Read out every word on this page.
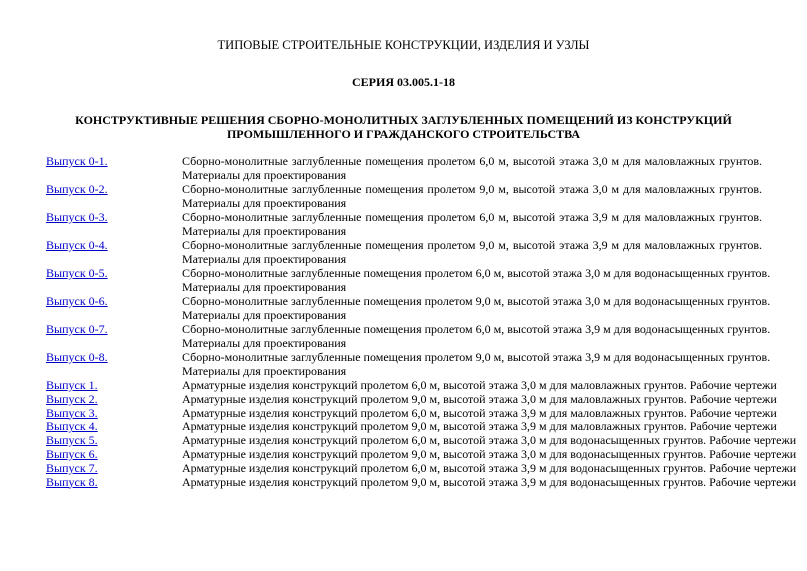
ТИПОВЫЕ СТРОИТЕЛЬНЫЕ КОНСТРУКЦИИ, ИЗДЕЛИЯ И УЗЛЫ
СЕРИЯ 03.005.1-18
КОНСТРУКТИВНЫЕ РЕШЕНИЯ СБОРНО-МОНОЛИТНЫХ ЗАГЛУБЛЕННЫХ ПОМЕЩЕНИЙ ИЗ КОНСТРУКЦИЙ ПРОМЫШЛЕННОГО И ГРАЖДАНСКОГО СТРОИТЕЛЬСТВА
Выпуск 0-1.	Сборно-монолитные заглубленные помещения пролетом 6,0 м, высотой этажа 3,0 м для маловлажных грунтов.
Материалы для проектирования
Выпуск 0-2.	Сборно-монолитные заглубленные помещения пролетом 9,0 м, высотой этажа 3,0 м для маловлажных грунтов.
Материалы для проектирования
Выпуск 0-3.	Сборно-монолитные заглубленные помещения пролетом 6,0 м, высотой этажа 3,9 м для маловлажных грунтов.
Материалы для проектирования
Выпуск 0-4.	Сборно-монолитные заглубленные помещения пролетом 9,0 м, высотой этажа 3,9 м для маловлажных грунтов.
Материалы для проектирования
Выпуск 0-5.	Сборно-монолитные заглубленные помещения пролетом 6,0 м, высотой этажа 3,0 м для водонасыщенных грунтов.
Материалы для проектирования
Выпуск 0-6.	Сборно-монолитные заглубленные помещения пролетом 9,0 м, высотой этажа 3,0 м для водонасыщенных грунтов.
Материалы для проектирования
Выпуск 0-7.	Сборно-монолитные заглубленные помещения пролетом 6,0 м, высотой этажа 3,9 м для водонасыщенных грунтов.
Материалы для проектирования
Выпуск 0-8.	Сборно-монолитные заглубленные помещения пролетом 9,0 м, высотой этажа 3,9 м для водонасыщенных грунтов.
Материалы для проектирования
Выпуск 1.	Арматурные изделия конструкций пролетом 6,0 м, высотой этажа 3,0 м для маловлажных грунтов. Рабочие чертежи
Выпуск 2.	Арматурные изделия конструкций пролетом 9,0 м, высотой этажа 3,0 м для маловлажных грунтов. Рабочие чертежи
Выпуск 3.	Арматурные изделия конструкций пролетом 6,0 м, высотой этажа 3,9 м для маловлажных грунтов. Рабочие чертежи
Выпуск 4.	Арматурные изделия конструкций пролетом 9,0 м, высотой этажа 3,9 м для маловлажных грунтов. Рабочие чертежи
Выпуск 5.	Арматурные изделия конструкций пролетом 6,0 м, высотой этажа 3,0 м для водонасыщенных грунтов. Рабочие чертежи
Выпуск 6.	Арматурные изделия конструкций пролетом 9,0 м, высотой этажа 3,0 м для водонасыщенных грунтов. Рабочие чертежи
Выпуск 7.	Арматурные изделия конструкций пролетом 6,0 м, высотой этажа 3,9 м для водонасыщенных грунтов. Рабочие чертежи
Выпуск 8.	Арматурные изделия конструкций пролетом 9,0 м, высотой этажа 3,9 м для водонасыщенных грунтов. Рабочие чертежи
